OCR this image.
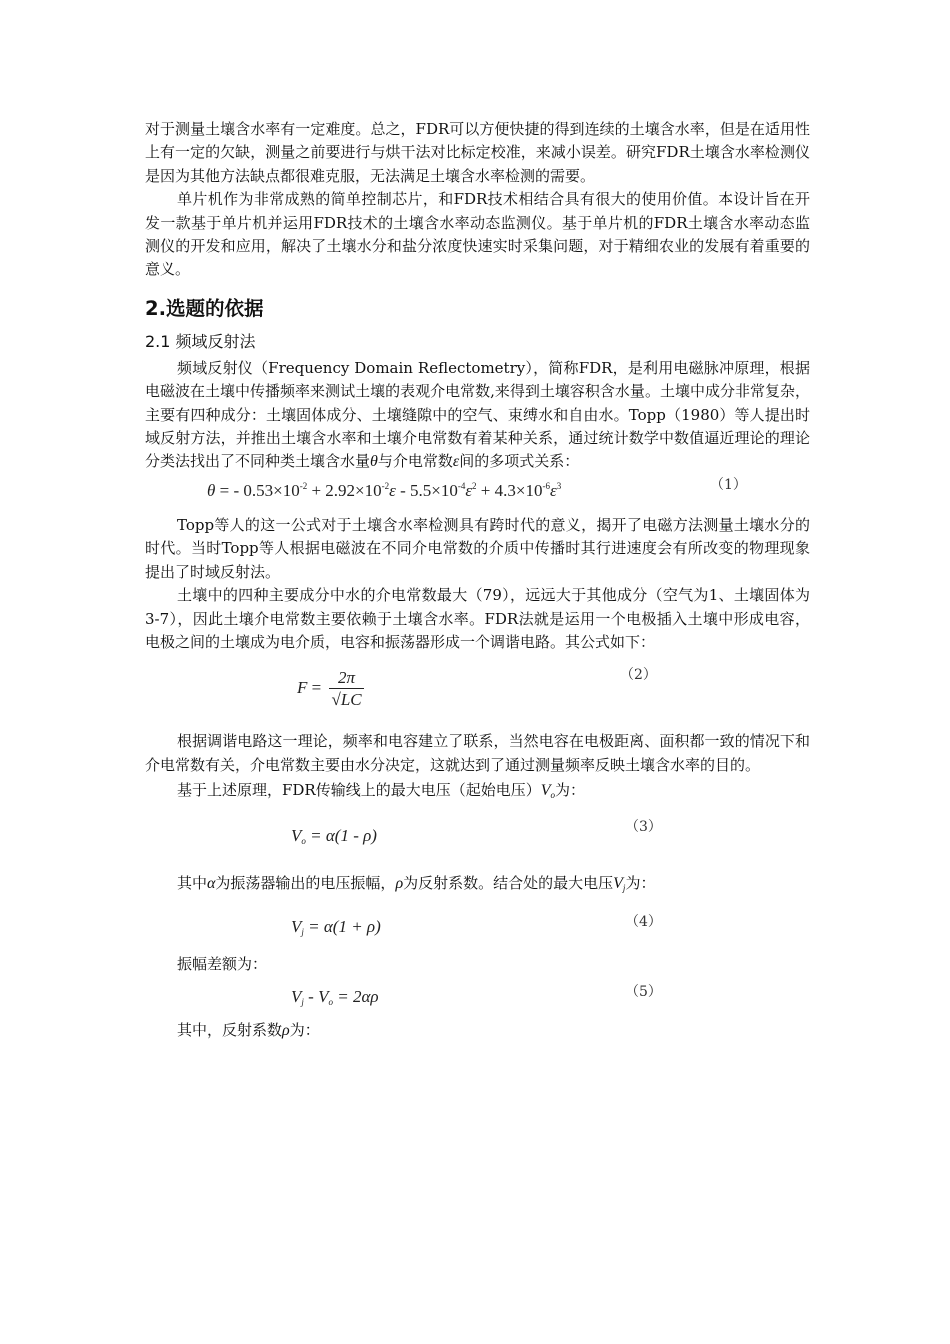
对于测量土壤含水率有一定难度。总之，FDR可以方便快捷的得到连续的土壤含水率，但是在适用性上有一定的欠缺，测量之前要进行与烘干法对比标定校准，来减小误差。研究FDR土壤含水率检测仪是因为其他方法缺点都很难克服，无法满足土壤含水率检测的需要。

单片机作为非常成熟的简单控制芯片，和FDR技术相结合具有很大的使用价值。本设计旨在开发一款基于单片机并运用FDR技术的土壤含水率动态监测仪。基于单片机的FDR土壤含水率动态监测仪的开发和应用，解决了土壤水分和盐分浓度快速实时采集问题，对于精细农业的发展有着重要的意义。

2.选题的依据
2.1 频域反射法

频域反射仪（Frequency Domain Reflectometry），简称FDR，是利用电磁脉冲原理，根据电磁波在土壤中传播频率来测试土壤的表观介电常数,来得到土壤容积含水量。土壤中成分非常复杂，主要有四种成分：土壤固体成分、土壤缝隙中的空气、束缚水和自由水。Topp（1980）等人提出时域反射方法，并推出土壤含水率和土壤介电常数有着某种关系，通过统计数学中数值逼近理论的理论分类法找出了不同种类土壤含水量θ与介电常数ε间的多项式关系：

θ = - $0.53\times 10^{-2} + 2.92\times 10^{-2}\varepsilon - 5.5\times 10^{-4}\varepsilon^2 + 4.3\times 10^{-6}\varepsilon^3$	（1）

Topp等人的这一公式对于土壤含水率检测具有跨时代的意义，揭开了电磁方法测量土壤水分的时代。当时Topp等人根据电磁波在不同介电常数的介质中传播时其行进速度会有所改变的物理现象提出了时域反射法。

土壤中的四种主要成分中水的介电常数最大（79），远远大于其他成分（空气为1、土壤固体为3-7），因此土壤介电常数主要依赖于土壤含水率。FDR法就是运用一个电极插入土壤中形成电容，电极之间的土壤成为电介质，电容和振荡器形成一个调谐电路。其公式如下：

$F = \frac{2\pi}{√LC}$	（2）

根据调谐电路这一理论，频率和电容建立了联系，当然电容在电极距离、面积都一致的情况下和介电常数有关，介电常数主要由水分决定，这就达到了通过测量频率反映土壤含水率的目的。

基于上述原理，FDR传输线上的最大电压（起始电压）$V_o$为：

$V_o = \alpha(1 - \rho)$	（3）

其中α为振荡器输出的电压振幅，ρ为反射系数。结合处的最大电压$V_j$为：

$V_j = \alpha(1 + \rho)$	（4）

振幅差额为：

$V_j - V_o = 2\alpha\rho$	（5）

其中，反射系数ρ为：
